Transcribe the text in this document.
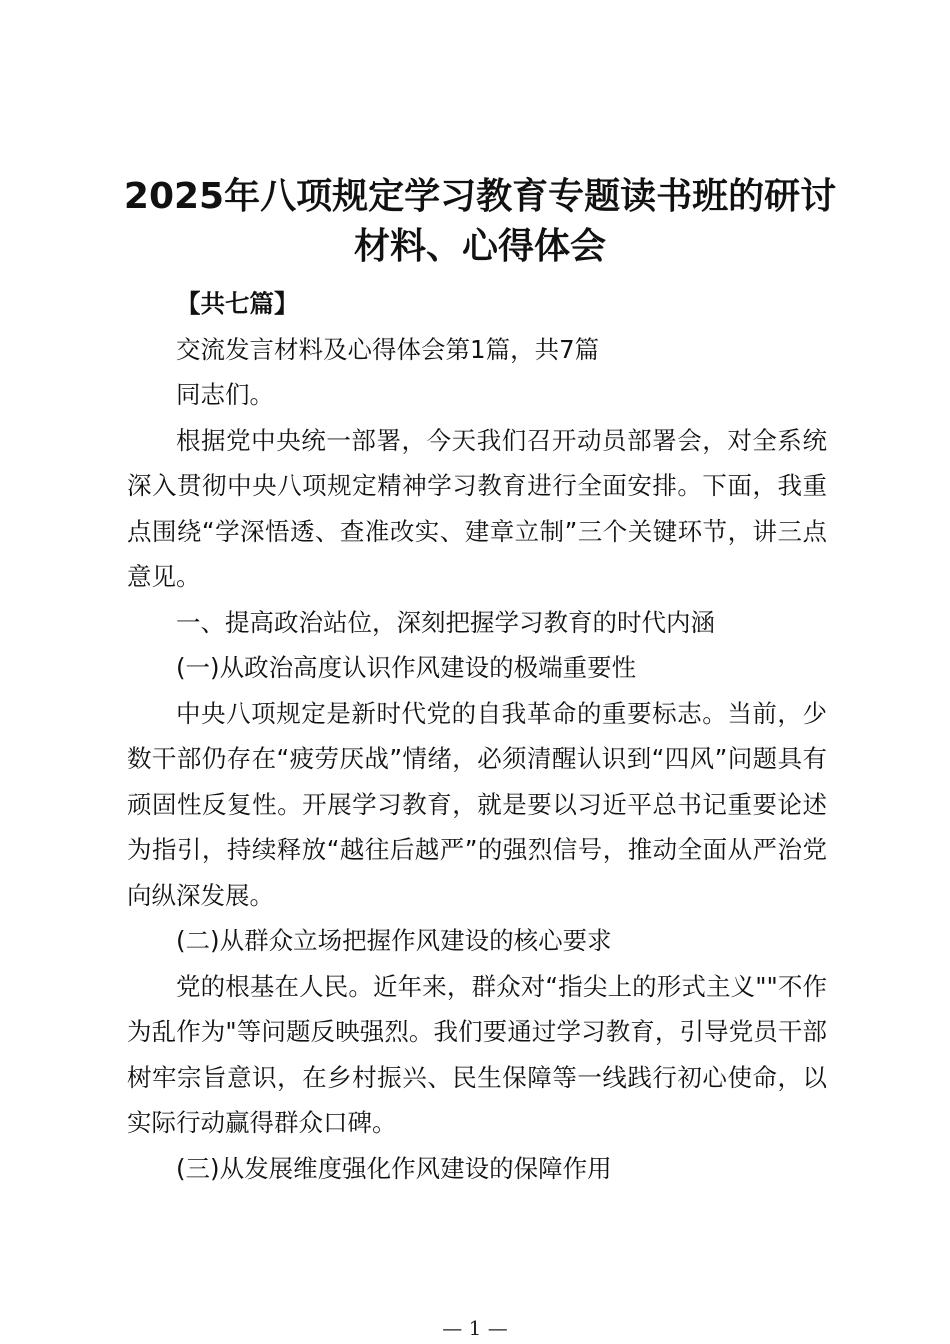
2025年八项规定学习教育专题读书班的研讨
材料、心得体会

【共七篇】

交流发言材料及心得体会第1篇，共7篇

同志们。

根据党中央统一部署，今天我们召开动员部署会，对全系统深入贯彻中央八项规定精神学习教育进行全面安排。下面，我重点围绕“学深悟透、查准改实、建章立制”三个关键环节，讲三点意见。

一、提高政治站位，深刻把握学习教育的时代内涵

(一)从政治高度认识作风建设的极端重要性

中央八项规定是新时代党的自我革命的重要标志。当前，少数干部仍存在“疲劳厌战”情绪，必须清醒认识到“四风”问题具有顽固性反复性。开展学习教育，就是要以习近平总书记重要论述为指引，持续释放“越往后越严”的强烈信号，推动全面从严治党向纵深发展。

(二)从群众立场把握作风建设的核心要求

党的根基在人民。近年来，群众对“指尖上的形式主义""不作为乱作为"等问题反映强烈。我们要通过学习教育，引导党员干部树牢宗旨意识，在乡村振兴、民生保障等一线践行初心使命，以实际行动赢得群众口碑。

(三)从发展维度强化作风建设的保障作用

— 1 —
